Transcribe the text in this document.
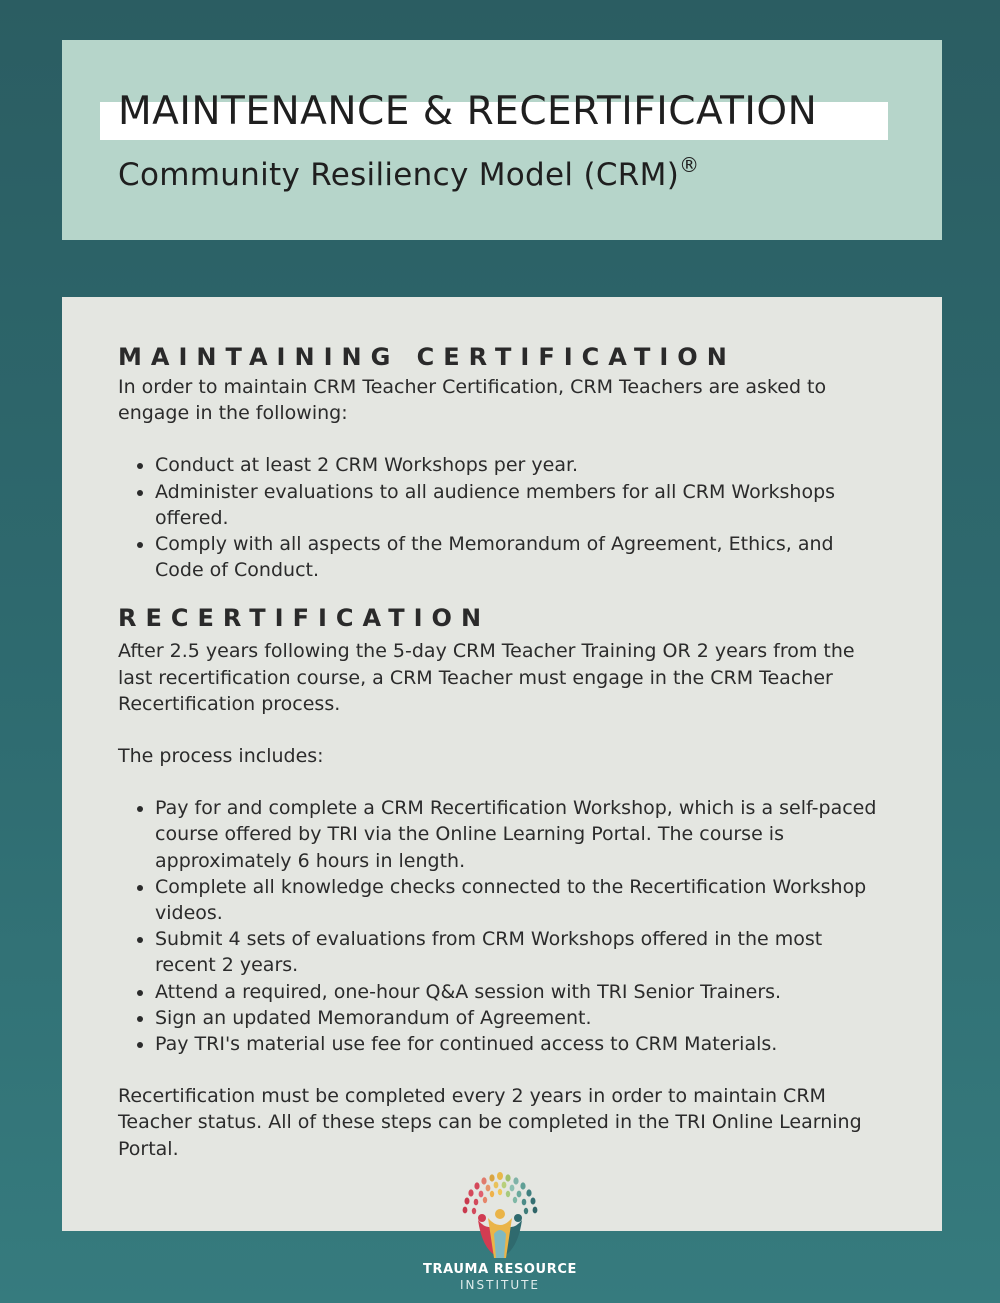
MAINTENANCE & RECERTIFICATION

Community Resiliency Model (CRM)®

MAINTAINING CERTIFICATION

In order to maintain CRM Teacher Certification, CRM Teachers are asked to engage in the following:

• Conduct at least 2 CRM Workshops per year.
• Administer evaluations to all audience members for all CRM Workshops offered.
• Comply with all aspects of the Memorandum of Agreement, Ethics, and Code of Conduct.
RECERTIFICATION

After 2.5 years following the 5-day CRM Teacher Training OR 2 years from the last recertification course, a CRM Teacher must engage in the CRM Teacher Recertification process.

The process includes:

• Pay for and complete a CRM Recertification Workshop, which is a self-paced course offered by TRI via the Online Learning Portal. The course is approximately 6 hours in length.
• Complete all knowledge checks connected to the Recertification Workshop videos.
• Submit 4 sets of evaluations from CRM Workshops offered in the most recent 2 years.
• Attend a required, one-hour Q&A session with TRI Senior Trainers.
• Sign an updated Memorandum of Agreement.
• Pay TRI's material use fee for continued access to CRM Materials.

Recertification must be completed every 2 years in order to maintain CRM Teacher status. All of these steps can be completed in the TRI Online Learning Portal.

TRAUMA RESOURCE
INSTITUTE
